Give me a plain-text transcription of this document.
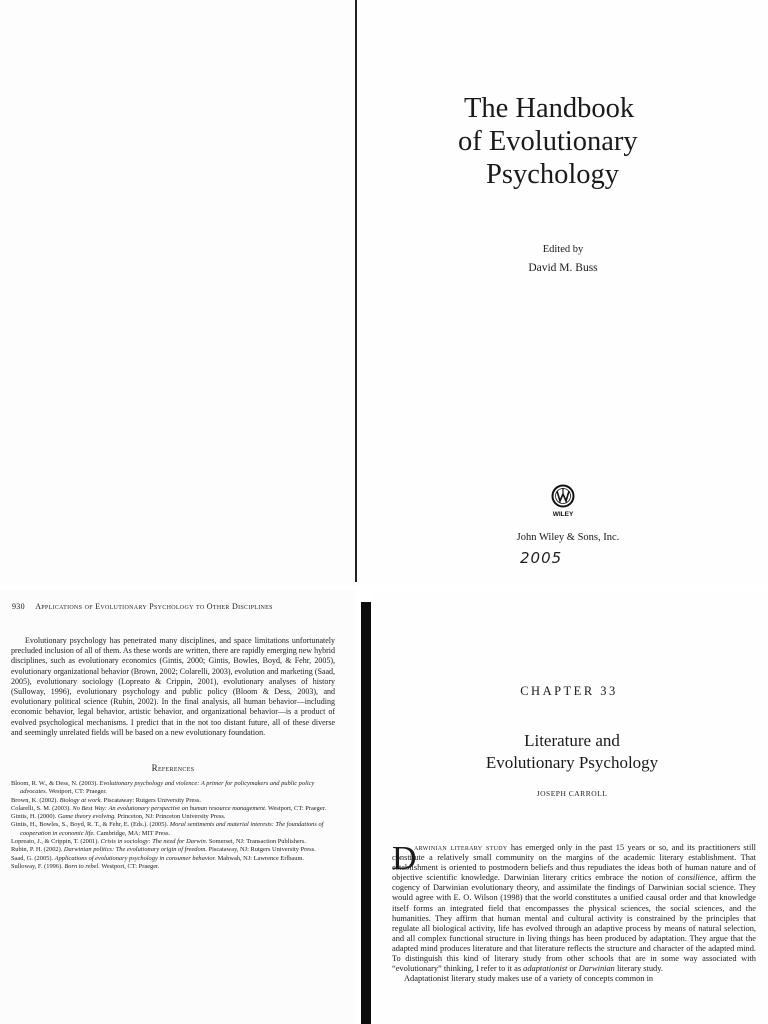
The Handbook
of Evolutionary
Psychology
Edited by
David M. Buss
WILEY
John Wiley & Sons, Inc.
2005
930 Applications of Evolutionary Psychology to Other Disciplines

Evolutionary psychology has penetrated many disciplines, and space limitations unfortunately precluded inclusion of all of them. As these words are written, there are rapidly emerging new hybrid disciplines, such as evolutionary economics (Gintis, 2000; Gintis, Bowles, Boyd, & Fehr, 2005), evolutionary organizational behavior (Brown, 2002; Colarelli, 2003), evolution and marketing (Saad, 2005), evolutionary sociology (Lopreato & Crippin, 2001), evolutionary analyses of history (Sulloway, 1996), evolutionary psychology and public policy (Bloom & Dess, 2003), and evolutionary political science (Rubin, 2002). In the final analysis, all human behavior—including economic behavior, legal behavior, artistic behavior, and organizational behavior—is a product of evolved psychological mechanisms. I predict that in the not too distant future, all of these diverse and seemingly unrelated fields will be based on a new evolutionary foundation.

References
Bloom, R. W., & Dess, N. (2003). Evolutionary psychology and violence: A primer for policymakers and public policy advocates. Westport, CT: Praeger.
Brown, K. (2002). Biology at work. Piscataway: Rutgers University Press.
Colarelli, S. M. (2003). No Best Way: An evolutionary perspective on human resource management. Westport, CT: Praeger.
Gintis, H. (2000). Game theory evolving. Princeton, NJ: Princeton University Press.
Gintis, H., Bowles, S., Boyd, R. T., & Fehr, E. (Eds.). (2005). Moral sentiments and material interests: The foundations of cooperation in economic life. Cambridge, MA: MIT Press.
Lopreato, J., & Crippin, T. (2001). Crisis in sociology: The need for Darwin. Somerset, NJ: Transaction Publishers.
Rubin, P. H. (2002). Darwinian politics: The evolutionary origin of freedom. Piscataway, NJ: Rutgers University Press.
Saad, G. (2005). Applications of evolutionary psychology in consumer behavior. Mahwah, NJ: Lawrence Erlbaum.
Sulloway, F. (1996). Born to rebel. Westport, CT: Praeger.
CHAPTER 33
Literature and
Evolutionary Psychology
JOSEPH CARROLL
D
arwinian literary study has emerged only in the past 15 years or so, and its practitioners still constitute a relatively small community on the margins of the academic literary establishment. That establishment is oriented to postmodern beliefs and thus repudiates the ideas both of human nature and of objective scientific knowledge. Darwinian literary critics embrace the notion of consilience, affirm the cogency of Darwinian evolutionary theory, and assimilate the findings of Darwinian social science. They would agree with E. O. Wilson (1998) that the world constitutes a unified causal order and that knowledge itself forms an integrated field that encompasses the physical sciences, the social sciences, and the humanities. They affirm that human mental and cultural activity is constrained by the principles that regulate all biological activity, life has evolved through an adaptive process by means of natural selection, and all complex functional structure in living things has been produced by adaptation. They argue that the adapted mind produces literature and that literature reflects the structure and character of the adapted mind. To distinguish this kind of literary study from other schools that are in some way associated with “evolutionary” thinking, I refer to it as adaptationist or Darwinian literary study.
Adaptationist literary study makes use of a variety of concepts common in
